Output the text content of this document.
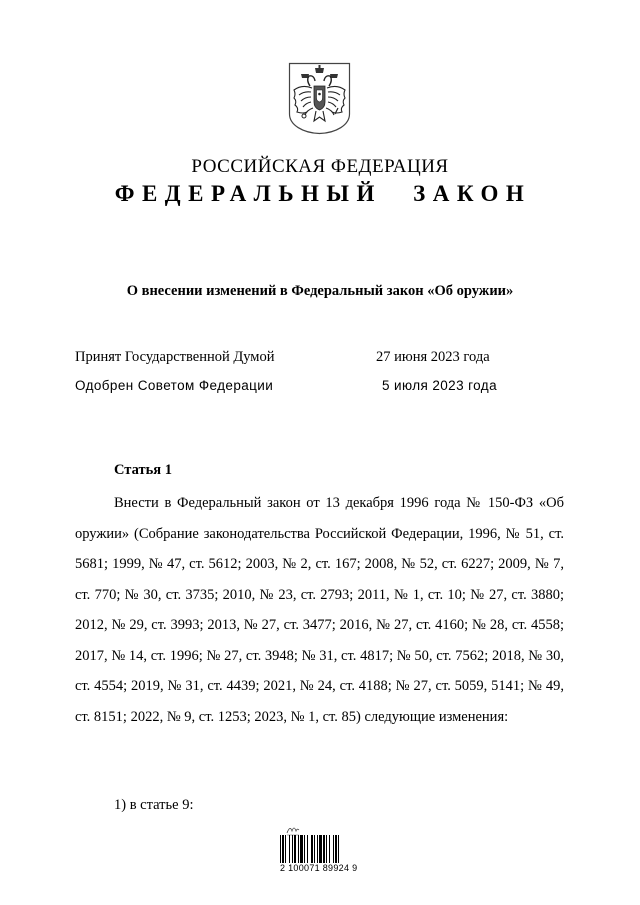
РОССИЙСКАЯ ФЕДЕРАЦИЯ
ФЕДЕРАЛЬНЫЙ ЗАКОН
О внесении изменений в Федеральный закон «Об оружии»
Принят Государственной Думой	27 июня 2023 года
Одобрен Советом Федерации	5 июля 2023 года
Статья 1

Внести в Федеральный закон от 13 декабря 1996 года № 150-ФЗ «Об оружии» (Собрание законодательства Российской Федерации, 1996, № 51, ст. 5681; 1999, № 47, ст. 5612; 2003, № 2, ст. 167; 2008, № 52, ст. 6227; 2009, № 7, ст. 770; № 30, ст. 3735; 2010, № 23, ст. 2793; 2011, № 1, ст. 10; № 27, ст. 3880; 2012, № 29, ст. 3993; 2013, № 27, ст. 3477; 2016, № 27, ст. 4160; № 28, ст. 4558; 2017, № 14, ст. 1996; № 27, ст. 3948; № 31, ст. 4817; № 50, ст. 7562; 2018, № 30, ст. 4554; 2019, № 31, ст. 4439; 2021, № 24, ст. 4188; № 27, ст. 5059, 5141; № 49, ст. 8151; 2022, № 9, ст. 1253; 2023, № 1, ст. 85) следующие изменения:

1) в статье 9:
2 100071 89924 9
